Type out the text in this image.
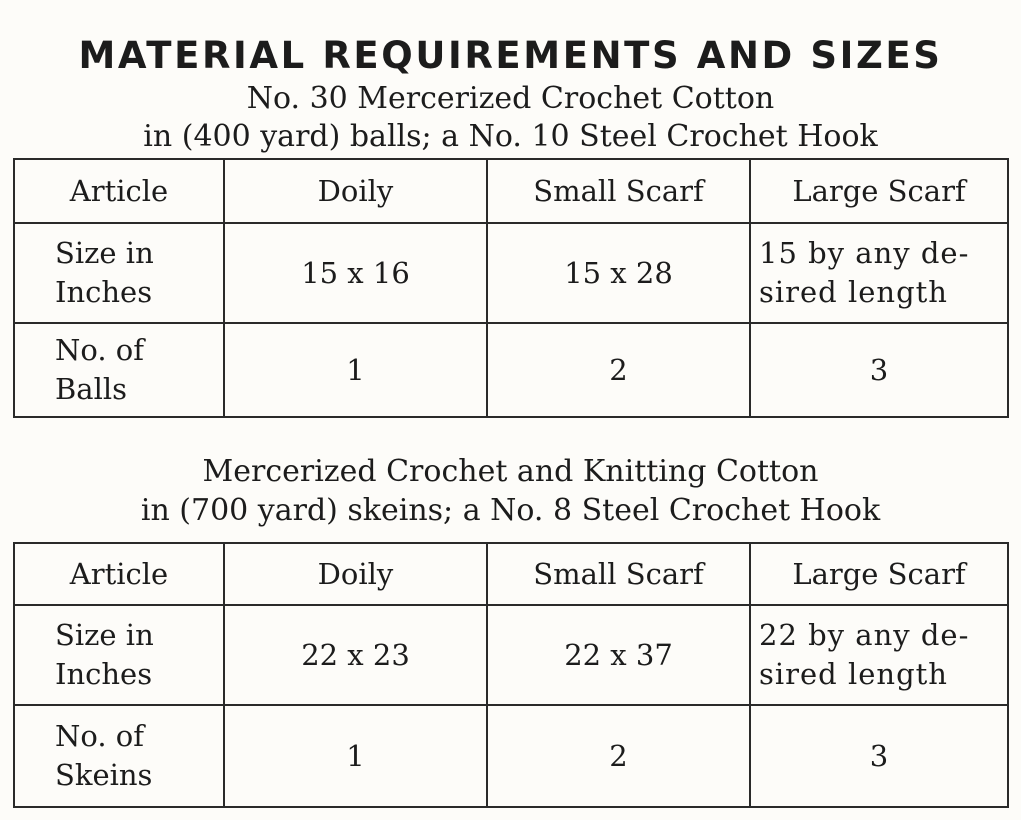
MATERIAL REQUIREMENTS AND SIZES
No. 30 Mercerized Crochet Cotton
in (400 yard) balls; a No. 10 Steel Crochet Hook
Article	Doily	Small Scarf	Large Scarf

Size in
Inches	15 x 16	15 x 28	15 by any de-
sired length

No. of
Balls	1	2	3
Mercerized Crochet and Knitting Cotton
in (700 yard) skeins; a No. 8 Steel Crochet Hook
Article	Doily	Small Scarf	Large Scarf

Size in
Inches	22 x 23	22 x 37	22 by any de-
sired length

No. of
Skeins	1	2	3
